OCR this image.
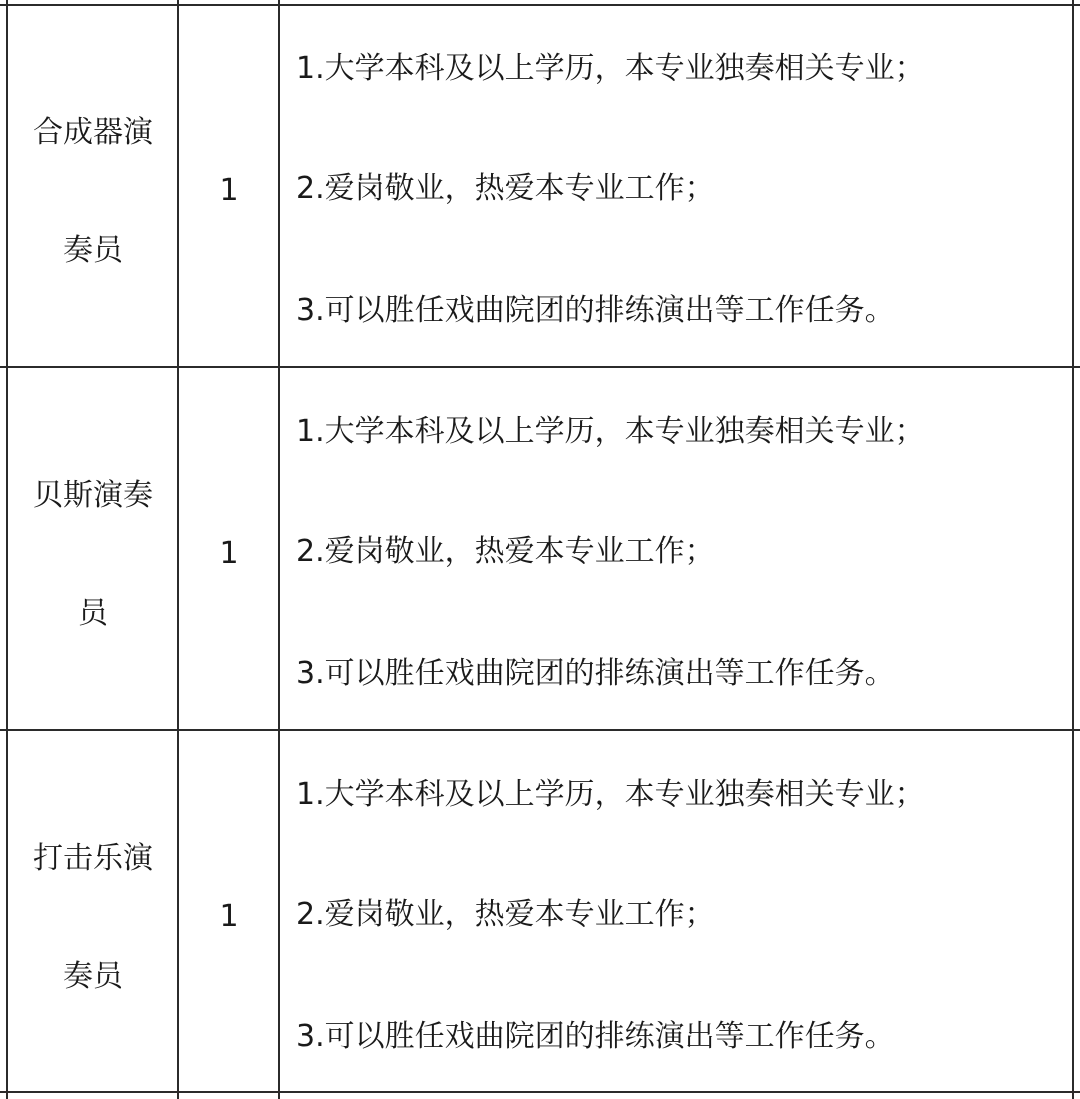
合成器演
奏员
1
1.大学本科及以上学历，本专业独奏相关专业；
2.爱岗敬业，热爱本专业工作；
3.可以胜任戏曲院团的排练演出等工作任务。
贝斯演奏
员
1
1.大学本科及以上学历，本专业独奏相关专业；
2.爱岗敬业，热爱本专业工作；
3.可以胜任戏曲院团的排练演出等工作任务。
打击乐演
奏员
1
1.大学本科及以上学历，本专业独奏相关专业；
2.爱岗敬业，热爱本专业工作；
3.可以胜任戏曲院团的排练演出等工作任务。
